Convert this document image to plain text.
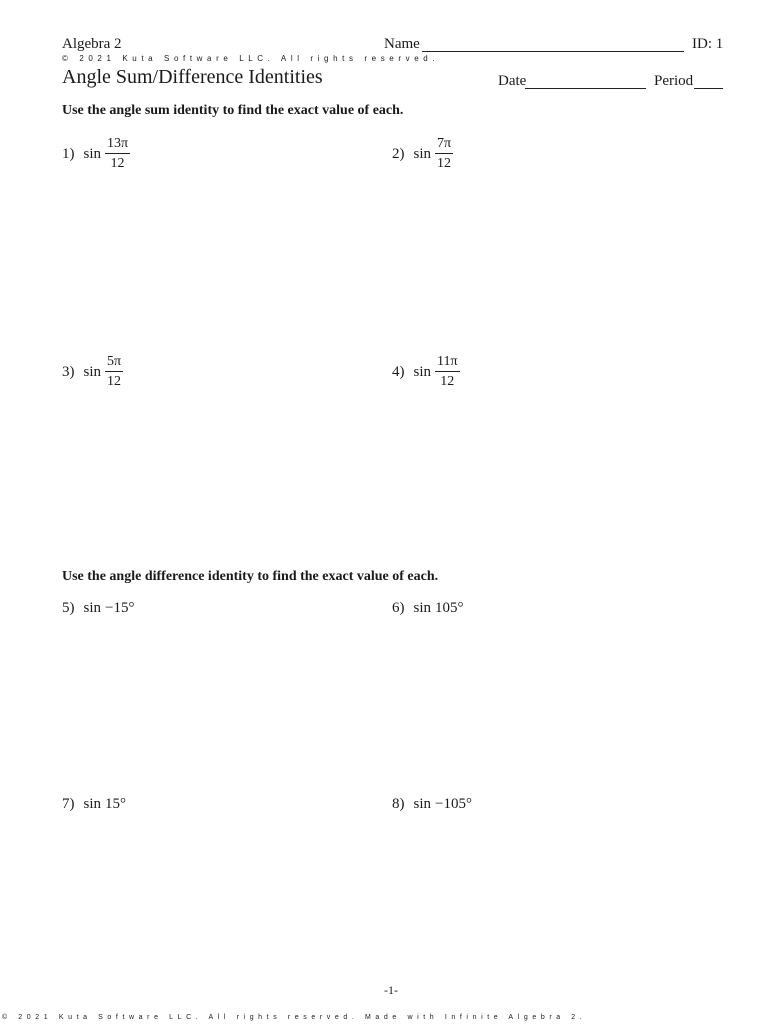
Algebra 2	Name	ID: 1
© 2021 Kuta Software LLC. All rights reserved.
Angle Sum/Difference Identities	Date	Period
Use the angle sum identity to find the exact value of each.
1) $\sin \frac{13\pi}{12}$	2) $\sin \frac{7\pi}{12}$
3) $\sin \frac{5\pi}{12}$	4) $\sin \frac{11\pi}{12}$
Use the angle difference identity to find the exact value of each.
5) sin −15°	6) sin 105°
7) sin 15°	8) sin −105°
-1-
© 2021 Kuta Software LLC. All rights reserved. Made with Infinite Algebra 2.
